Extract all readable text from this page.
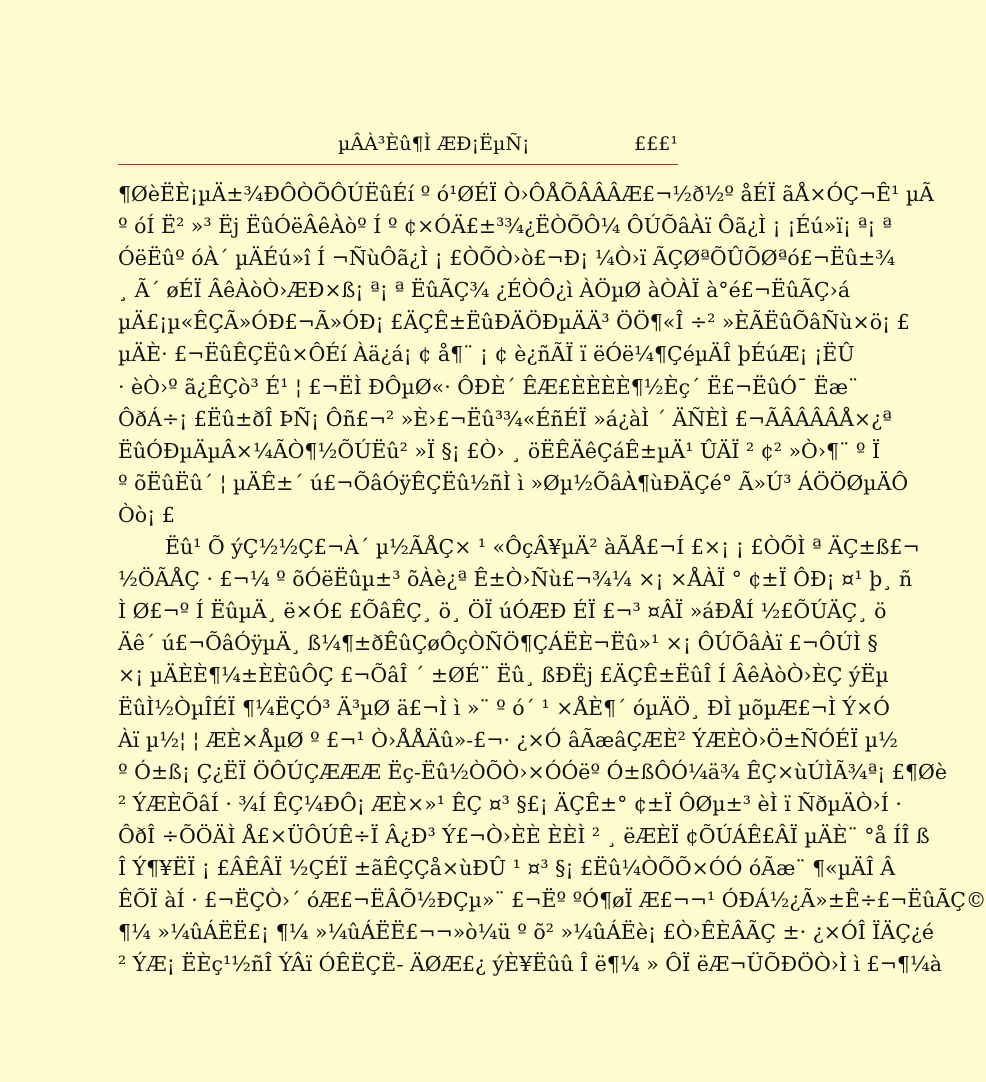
µÂÀ³Èû¶Ì ÆÐ¡ËµÑ¡	£££¹
¶ØèËÈ¡µÄ±¾ÐÔÒÕÔÚËûÉí º ó¹ØÉÏ Ò›ÔÅÕÂÂÂÆ£¬½ð½º åÉÏ ãÅ×ÓÇ¬Ê¹ µÃ
º óÍ Ë² »³ Ëj ËûÓëÂêÀòº Í º ¢×ÓÄ£±³¾¿ËÒÕÔ¼ ÔÚÕâÀï Ôã¿Ì ¡ ¡Éú»ï¡ ª¡ ª
ÓëËûº óÀ´ µÄÉú»î Í ¬ÑùÔã¿Ì ¡ £ÒÕÒ›ò£¬Ð¡ ¼Ò›ï ÃÇØªÕÛÕØªó£¬Ëû±¾
¸ Ã´ øÉÏ ÂêÀòÒ›ÆÐ×ß¡ ª¡ ª ËûÃÇ¾ ¿ÉÒÔ¿ì ÀÖµØ àÒÀÏ à°é£¬ËûÃÇ›á
µÄ£¡µ«ÊÇÃ»ÓÐ£¬Ã»ÓÐ¡ £ÄÇÊ±ËûÐÄÖÐµÄÄ³ ÖÖ¶«Î ÷² »ÈÃËûÕâÑù×ö¡ £
µÄÈ· £¬ËûÊÇËû×ÔÉí Àä¿á¡ ¢ å¶¨ ¡ ¢ è¿ñÃÏ ï ëÓë¼¶ÇéµÄÎ þÉúÆ¡ ¡ËÛ
· èÒ›º ã¿ÊÇò³ É¹ ¦ £¬ËÌ ÐÔµØ«· ÔÐÈ´ ÊÆ£ÈÈÈÈ¶½Èç´ Ë£¬ËûÓ¯ Ëæ¨
ÔðÁ÷¡ £Ëû±ðÎ ÞÑ¡ Ôñ£¬² »È›£¬Ëû³¾«ÉñÉÏ »á¿àÌ ´ ÄÑÈÌ £¬ÃÂÂÂÂÅ×¿ª
ËûÓÐµÄµÂ×¼ÃÒ¶½ÕÚËû² »Ï §¡ £Ò› ¸ öËÊÄêÇáÊ±µÄ¹ ÛÄÏ ² ¢² »Ò›¶¨ º Ï
º õËûËû´ ¦ µÄÊ±´ ú£¬ÕâÓÿÊÇËû½ñÌ ì »Øµ½ÕâÀ¶ùÐÄÇé° Ã»Ú³ ÁÖÖØµÄÔ
Òò¡ £
Ëû¹ Õ ýÇ½½Ç£¬À´ µ½ÃÅÇ× ¹ «ÔçÂ¥µÄ² àÃÅ£¬Í £×¡ ¡ £ÒÕÌ ª ÄÇ±ß£¬
½ÖÃÅÇ · £¬¼ º õÓëËûµ±³ õÀè¿ª Ê±Ò›Ñù£¬¾¼ ×¡ ×ÅÀÏ ° ¢±Ï ÔÐ¡ ¤¹ þ¸ ñ
Ì Ø£¬º Í ËûµÄ¸ ë×Ó£ £ÕâÊÇ¸ ö¸ ÖÏ úÓÆÐ ÉÏ £¬³ ¤ÂÏ »áÐÅÍ ½£ÕÚÄÇ¸ ö
Äê´ ú£¬ÕâÓÿµÄ¸ ß¼¶±ðÊûÇøÔçÒÑÖ¶ÇÁËÈ¬Ëû»¹ ×¡ ÔÚÕâÀï £¬ÔÚÌ §
×¡ µÄÈÈ¶¼±ÈÈûÔÇ £¬ÕâÎ ´ ±ØÉ¨ Ëû¸ ßÐËj £ÄÇÊ±ËûÎ Í ÂêÀòÒ›ÈÇ ýËµ
ËûÌ½ÒµÎÉÏ ¶¼ËÇÓ³ Ä³µØ ä£¬Ì ì »¨ º ó´ ¹ ×ÅÈ¶´ óµÄÖ¸ ÐÌ µõµÆ£¬Ì Ý×Ó
Àï µ½¦ ¦ ÆÈ×ÅµØ º £¬¹ Ò›ÅÅÄû»-£¬· ¿×Ó âÃæâÇÆÈ² ÝÆÈÒ›Ö±ÑÓÉÏ µ½
º Ó±ß¡ Ç¿ËÏ ÖÔÚÇÆÆÆ Ëç-Ëû½ÒÕÒ›×ÓÓëº Ó±ßÔÓ¼ä¾ ÊÇ×ùÚÌÃ¾ª¡ £¶Øè
² ÝÆÈÕâÍ · ¾Í ÊÇ¼ÐÔ¡ ÆÈ×»¹ ÊÇ ¤³ §£¡ ÄÇÊ±° ¢±Ï ÔØµ±³ èÌ ï ÑðµÄÒ›Í ·
ÔðÎ ÷ÕÖÄÌ Å£×ÜÔÚÊ÷Ï Â¿Ð³ Ý£¬Ò›ÈÈ ÈÈÌ ² ¸ ëÆÈÏ ¢ÕÚÁÊ£ÂÏ µÄÈ¨ °å ÍÎ ß
Î Ý¶¥ËÏ ¡ £ÂÊÂÏ ½ÇÉÏ ±ãÊÇÇå×ùÐÛ ¹ ¤³ §¡ £Ëû¼ÒÕÕ×ÓÓ óÃæ¨ ¶«µÄÎ Â
ÊÕÏ àÍ · £¬ËÇÒ›´ óÆ£¬ËÂÕ½ÐÇµ»¨ £¬Ëº ºÓ¶øÏ Æ£¬¬¹ ÓÐÁ½¿Ã»±Ê÷£¬ËûÃÇ©
¶¼ »¼ûÁËË£¡ ¶¼ »¼ûÁËË£¬¬»ò¼ü º õ² »¼ûÁËè¡ £Ò›ÊÈÂÃÇ ±· ¿×ÓÎ ÏÄÇ¿é
² ÝÆ¡ ËÈç¹½ñÎ ÝÂï ÓÊËÇË- ÄØÆ£¿ ýÈ¥Ëûû Î ë¶¼ » ÔÏ ëÆ¬ÜÕÐÖÒ›Ì ì £¬¶¼à
